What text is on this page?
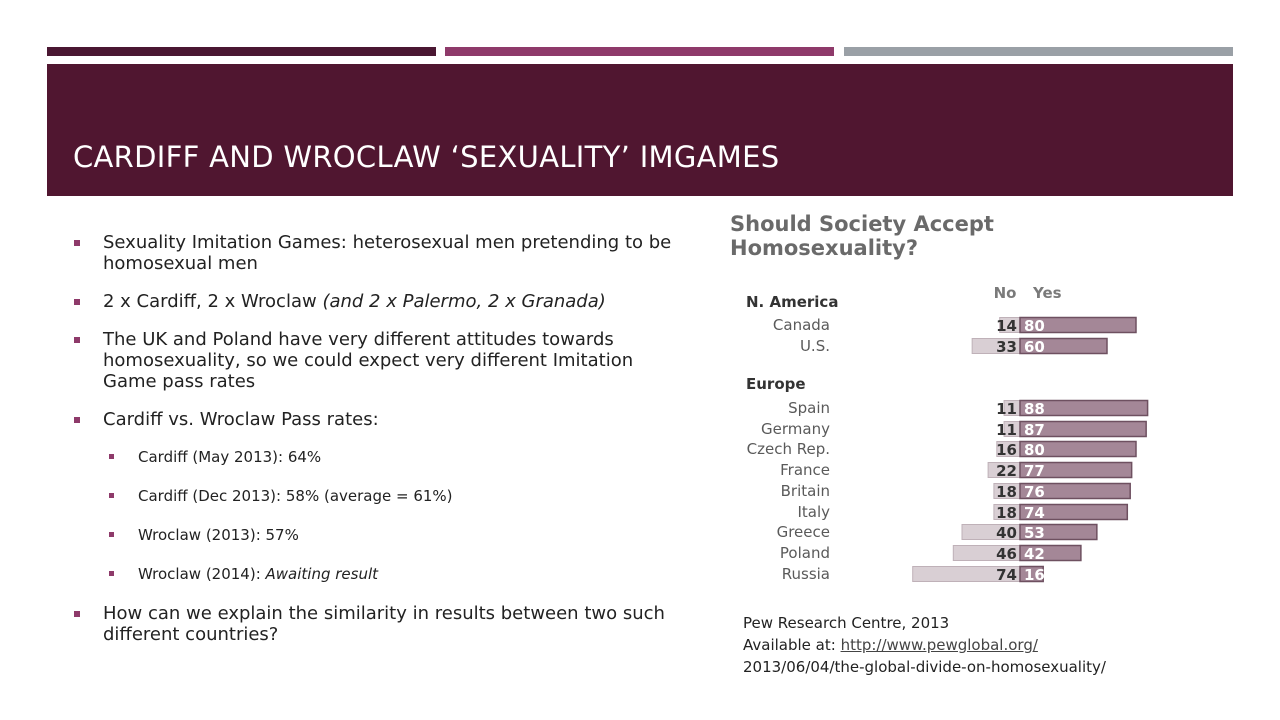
CARDIFF AND WROCLAW ‘SEXUALITY’ IMGAMES
Sexuality Imitation Games: heterosexual men pretending to be homosexual men
2 x Cardiff, 2 x Wroclaw (and 2 x Palermo, 2 x Granada)
The UK and Poland have very different attitudes towards homosexuality, so we could expect very different Imitation Game pass rates
Cardiff vs. Wroclaw Pass rates:
Cardiff (May 2013): 64%
Cardiff (Dec 2013): 58% (average = 61%)
Wroclaw (2013): 57%
Wroclaw (2014): Awaiting result
How can we explain the similarity in results between two such different countries?
Should Society Accept
Homosexuality?
No Yes
N. America
Canada	14 80
U.S.	33 60
Europe
Spain	11 88
Germany	11 87
Czech Rep.	16 80
France	22 77
Britain	18 76
Italy	18 74
Greece	40 53
Poland	46 42
Russia	74 16
Pew Research Centre, 2013
Available at: http://www.pewglobal.org/
2013/06/04/the-global-divide-on-homosexuality/
